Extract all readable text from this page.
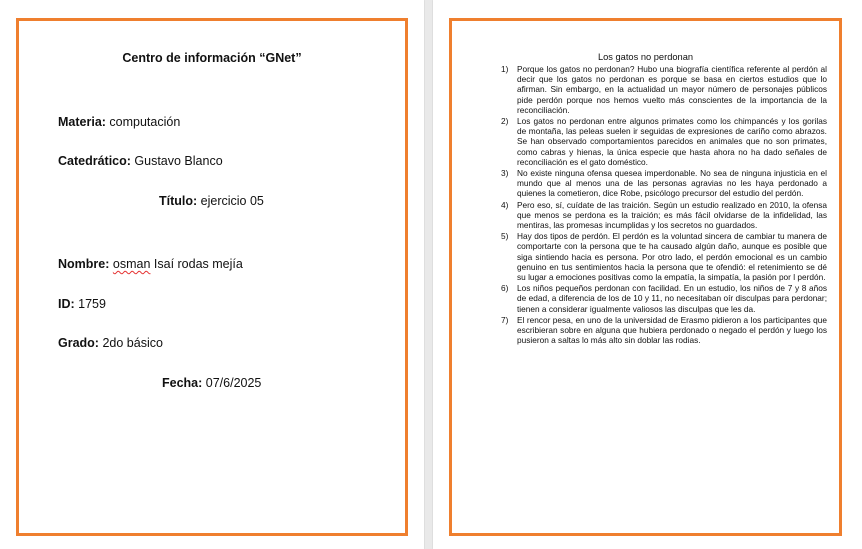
Centro de información “GNet”
Materia: computación
Catedrático: Gustavo Blanco
Título: ejercicio 05
Nombre: osman Isaí rodas mejía
ID: 1759
Grado: 2do básico
Fecha: 07/6/2025
Los gatos no perdonan
1) Porque los gatos no perdonan? Hubo una biografía científica referente al perdón al decir que los gatos no perdonan es porque se basa en ciertos estudios que lo afirman. Sin embargo, en la actualidad un mayor número de personajes públicos pide perdón porque nos hemos vuelto más conscientes de la importancia de la reconciliación.
2) Los gatos no perdonan entre algunos primates como los chimpancés y los gorilas de montaña, las peleas suelen ir seguidas de expresiones de cariño como abrazos. Se han observado comportamientos parecidos en animales que no son primates, como cabras y hienas, la única especie que hasta ahora no ha dado señales de reconciliación es el gato doméstico.
3) No existe ninguna ofensa quesea imperdonable. No sea de ninguna injusticia en el mundo que al menos una de las personas agravias no les haya perdonado a quienes la cometieron, dice Robe, psicólogo precursor del estudio del perdón.
4) Pero eso, sí, cuídate de las traición. Según un estudio realizado en 2010, la ofensa que menos se perdona es la traición; es más fácil olvidarse de la infidelidad, las mentiras, las promesas incumplidas y los secretos no guardados.
5) Hay dos tipos de perdón. El perdón es la voluntad sincera de cambiar tu manera de comportarte con la persona que te ha causado algún daño, aunque es posible que siga sintiendo hacia es persona. Por otro lado, el perdón emocional es un cambio genuino en tus sentimientos hacia la persona que te ofendió: el retenimiento se dé su lugar a emociones positivas como la empatía, la simpatía, la pasión por l perdón.
6) Los niños pequeños perdonan con facilidad. En un estudio, los niños de 7 y 8 años de edad, a diferencia de los de 10 y 11, no necesitaban oír disculpas para perdonar; tienen a considerar igualmente valiosos las disculpas que les da.
7) El rencor pesa, en uno de la universidad de Erasmo pidieron a los participantes que escribieran sobre en alguna que hubiera perdonado o negado el perdón y luego los pusieron a saltas lo más alto sin doblar las rodias.
